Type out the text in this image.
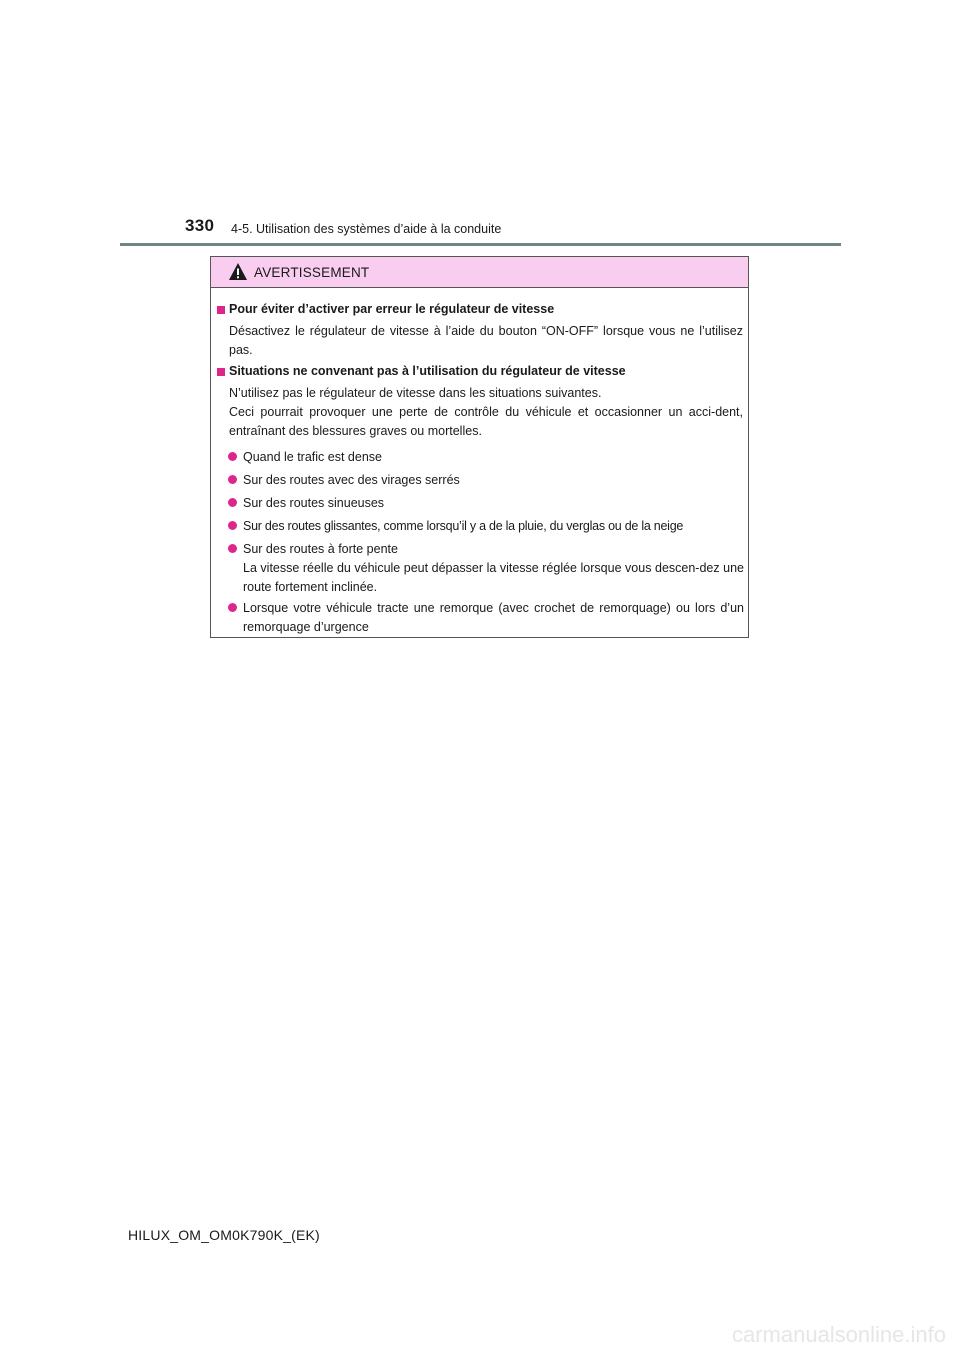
330 4-5. Utilisation des systèmes d’aide à la conduite
AVERTISSEMENT
Pour éviter d’activer par erreur le régulateur de vitesse
Désactivez le régulateur de vitesse à l’aide du bouton “ON-OFF” lorsque vous ne l’utilisez pas.
Situations ne convenant pas à l’utilisation du régulateur de vitesse
N’utilisez pas le régulateur de vitesse dans les situations suivantes.
Ceci pourrait provoquer une perte de contrôle du véhicule et occasionner un acci-dent, entraînant des blessures graves ou mortelles.
Quand le trafic est dense
Sur des routes avec des virages serrés
Sur des routes sinueuses
Sur des routes glissantes, comme lorsqu’il y a de la pluie, du verglas ou de la neige
Sur des routes à forte pente
La vitesse réelle du véhicule peut dépasser la vitesse réglée lorsque vous descen-dez une route fortement inclinée.
Lorsque votre véhicule tracte une remorque (avec crochet de remorquage) ou lors d’un remorquage d’urgence
HILUX_OM_OM0K790K_(EK)
carmanualsonline.info
